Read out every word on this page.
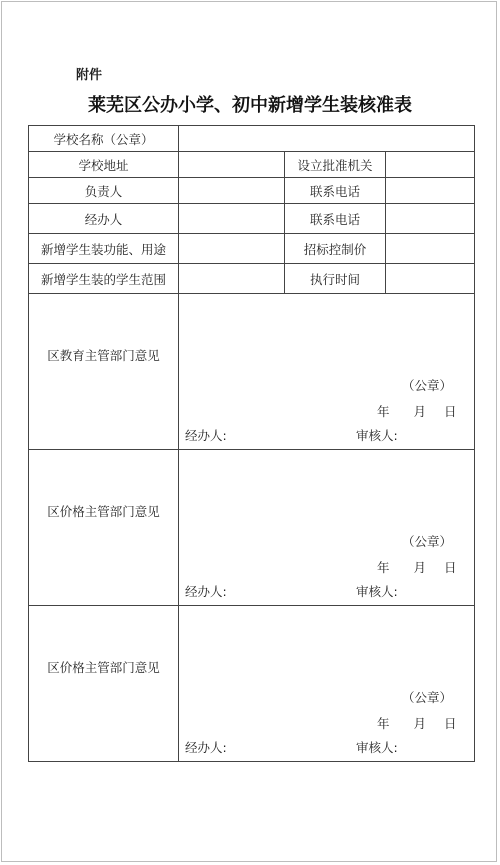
附件
莱芜区公办小学、初中新增学生装核准表
学校名称（公章）			
学校地址		设立批准机关	
负责人		联系电话	
经办人		联系电话	
新增学生装功能、用途		招标控制价	
新增学生装的学生范围		执行时间	

区教育主管部门意见	（公章）
年 月 日
经办人: 审核人:		

区价格主管部门意见	（公章）
年 月 日
经办人: 审核人:		

区价格主管部门意见	（公章）
年 月 日
经办人: 审核人:		
